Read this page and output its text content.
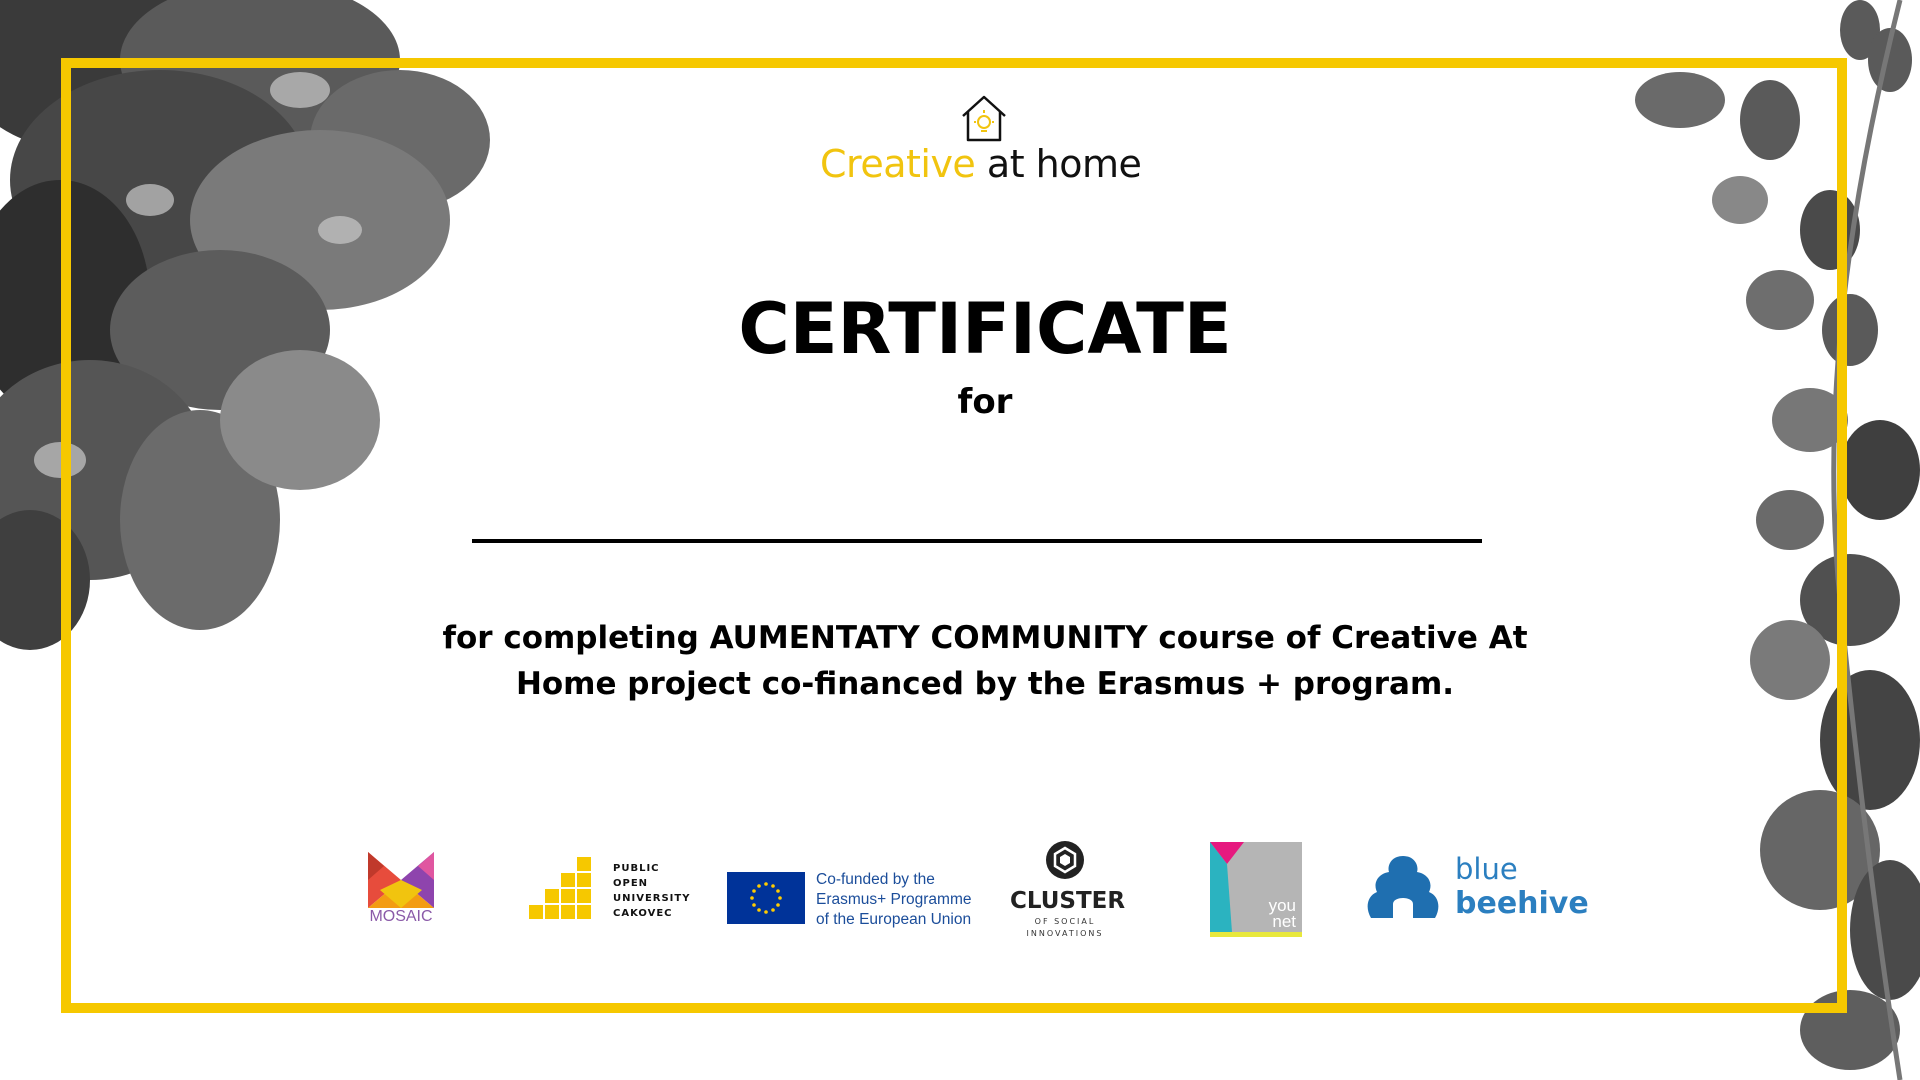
Creative at home
CERTIFICATE
for
for completing AUMENTATY COMMUNITY course of Creative At Home project co-financed by the Erasmus + program.
MOSAIC
PUBLIC
OPEN
UNIVERSITY
CAKOVEC
Co-funded by the
Erasmus+ Programme
of the European Union
CLUSTER
OF SOCIAL
INNOVATIONS
you
net
blue
beehive
